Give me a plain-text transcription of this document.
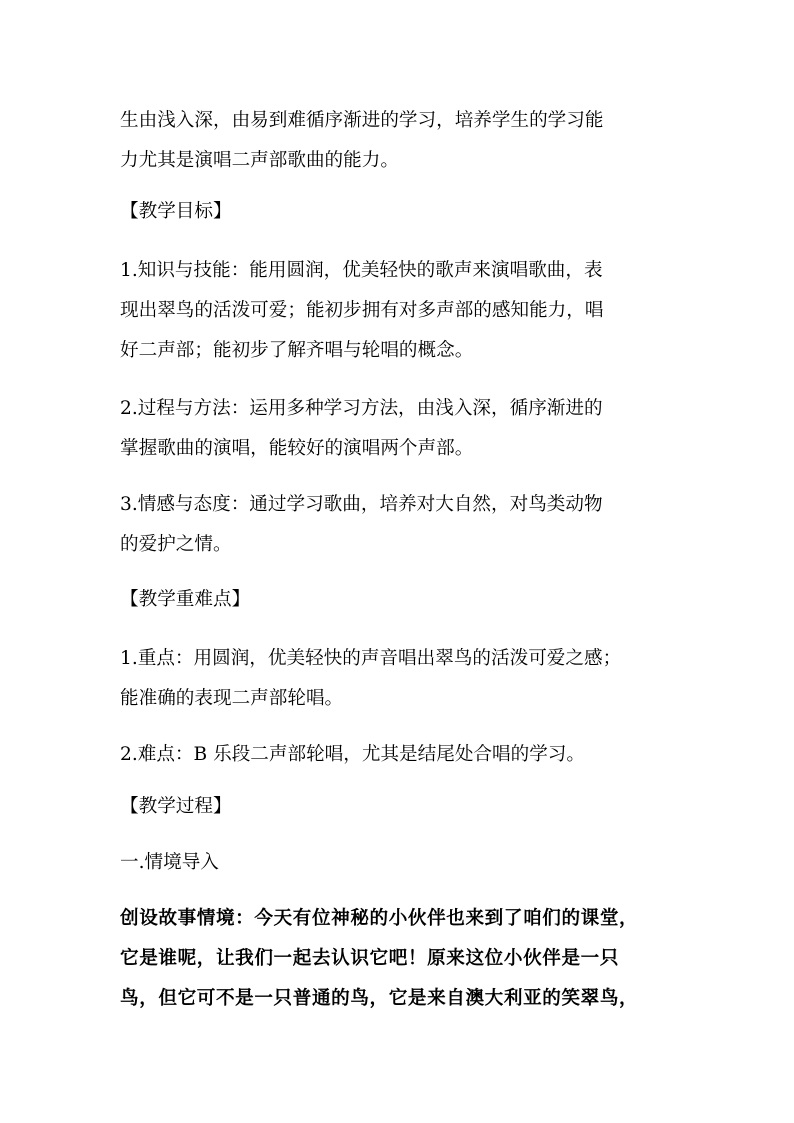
生由浅入深，由易到难循序渐进的学习，培养学生的学习能
力尤其是演唱二声部歌曲的能力。
【教学目标】
1.知识与技能：能用圆润，优美轻快的歌声来演唱歌曲，表
现出翠鸟的活泼可爱；能初步拥有对多声部的感知能力，唱
好二声部；能初步了解齐唱与轮唱的概念。
2.过程与方法：运用多种学习方法，由浅入深，循序渐进的
掌握歌曲的演唱，能较好的演唱两个声部。
3.情感与态度：通过学习歌曲，培养对大自然，对鸟类动物
的爱护之情。
【教学重难点】
1.重点：用圆润，优美轻快的声音唱出翠鸟的活泼可爱之感；
能准确的表现二声部轮唱。
2.难点：B 乐段二声部轮唱，尤其是结尾处合唱的学习。
【教学过程】
一.情境导入
创设故事情境：今天有位神秘的小伙伴也来到了咱们的课堂，
它是谁呢，让我们一起去认识它吧！原来这位小伙伴是一只
鸟，但它可不是一只普通的鸟，它是来自澳大利亚的笑翠鸟，
